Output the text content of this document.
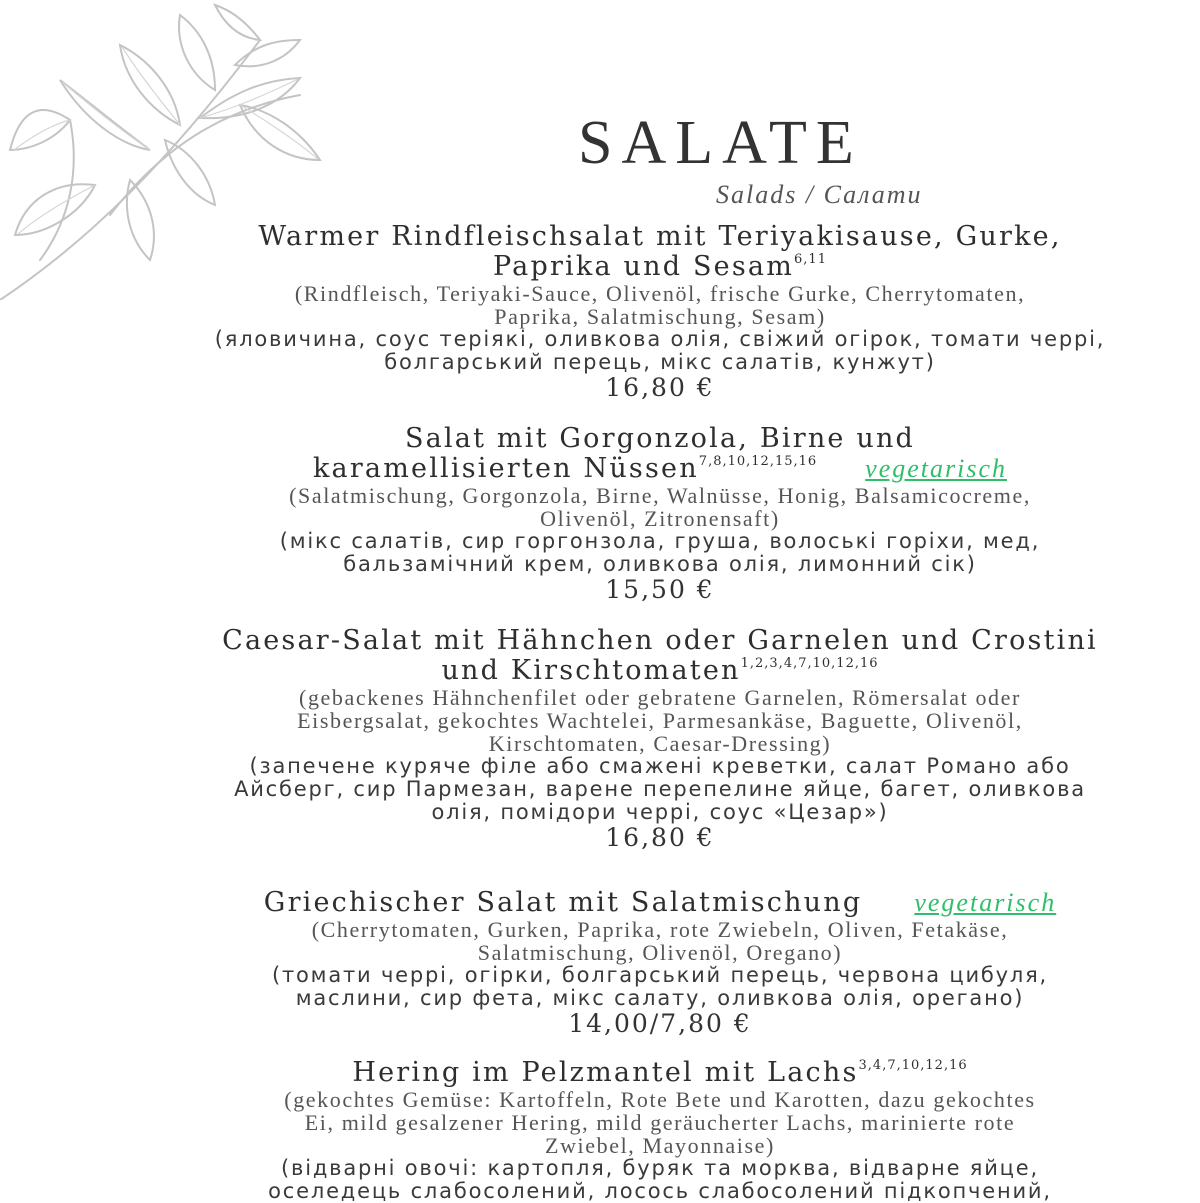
SALATE
Salads / Салати
Warmer Rindfleischsalat mit Teriyakisause, Gurke,
Paprika und Sesam$^{6,11}$
(Rindfleisch, Teriyaki-Sauce, Olivenöl, frische Gurke, Cherrytomaten,
Paprika, Salatmischung, Sesam)
(яловичина, соус теріякі, оливкова олія, свіжий огірок, томати черрі,
болгарський перець, мікс салатів, кунжут)
16,80 €
Salat mit Gorgonzola, Birne und
karamellisierten Nüssen$^{7,8,10,12,15,16}$ vegetarisch
(Salatmischung, Gorgonzola, Birne, Walnüsse, Honig, Balsamicocreme,
Olivenöl, Zitronensaft)
(мікс салатів, сир горгонзола, груша, волоські горіхи, мед,
бальзамічний крем, оливкова олія, лимонний сік)
15,50 €
Caesar-Salat mit Hähnchen oder Garnelen und Crostini
und Kirschtomaten$^{1,2,3,4,7,10,12,16}$
(gebackenes Hähnchenfilet oder gebratene Garnelen, Römersalat oder
Eisbergsalat, gekochtes Wachtelei, Parmesankäse, Baguette, Olivenöl,
Kirschtomaten, Caesar-Dressing)
(запечене куряче філе або смажені креветки, салат Романо або
Айсберг, сир Пармезан, варене перепелине яйце, багет, оливкова
олія, помідори черрі, соус «Цезар»)
16,80 €
Griechischer Salat mit Salatmischung vegetarisch
(Cherrytomaten, Gurken, Paprika, rote Zwiebeln, Oliven, Fetakäse,
Salatmischung, Olivenöl, Oregano)
(томати черрі, огірки, болгарський перець, червона цибуля,
маслини, сир фета, мікс салату, оливкова олія, орегано)
14,00/7,80 €
Hering im Pelzmantel mit Lachs$^{3,4,7,10,12,16}$
(gekochtes Gemüse: Kartoffeln, Rote Bete und Karotten, dazu gekochtes
Ei, mild gesalzener Hering, mild geräucherter Lachs, marinierte rote
Zwiebel, Mayonnaise)
(відварні овочі: картопля, буряк та морква, відварне яйце,
оселедець слабосолений, лосось слабосолений підкопчений,
